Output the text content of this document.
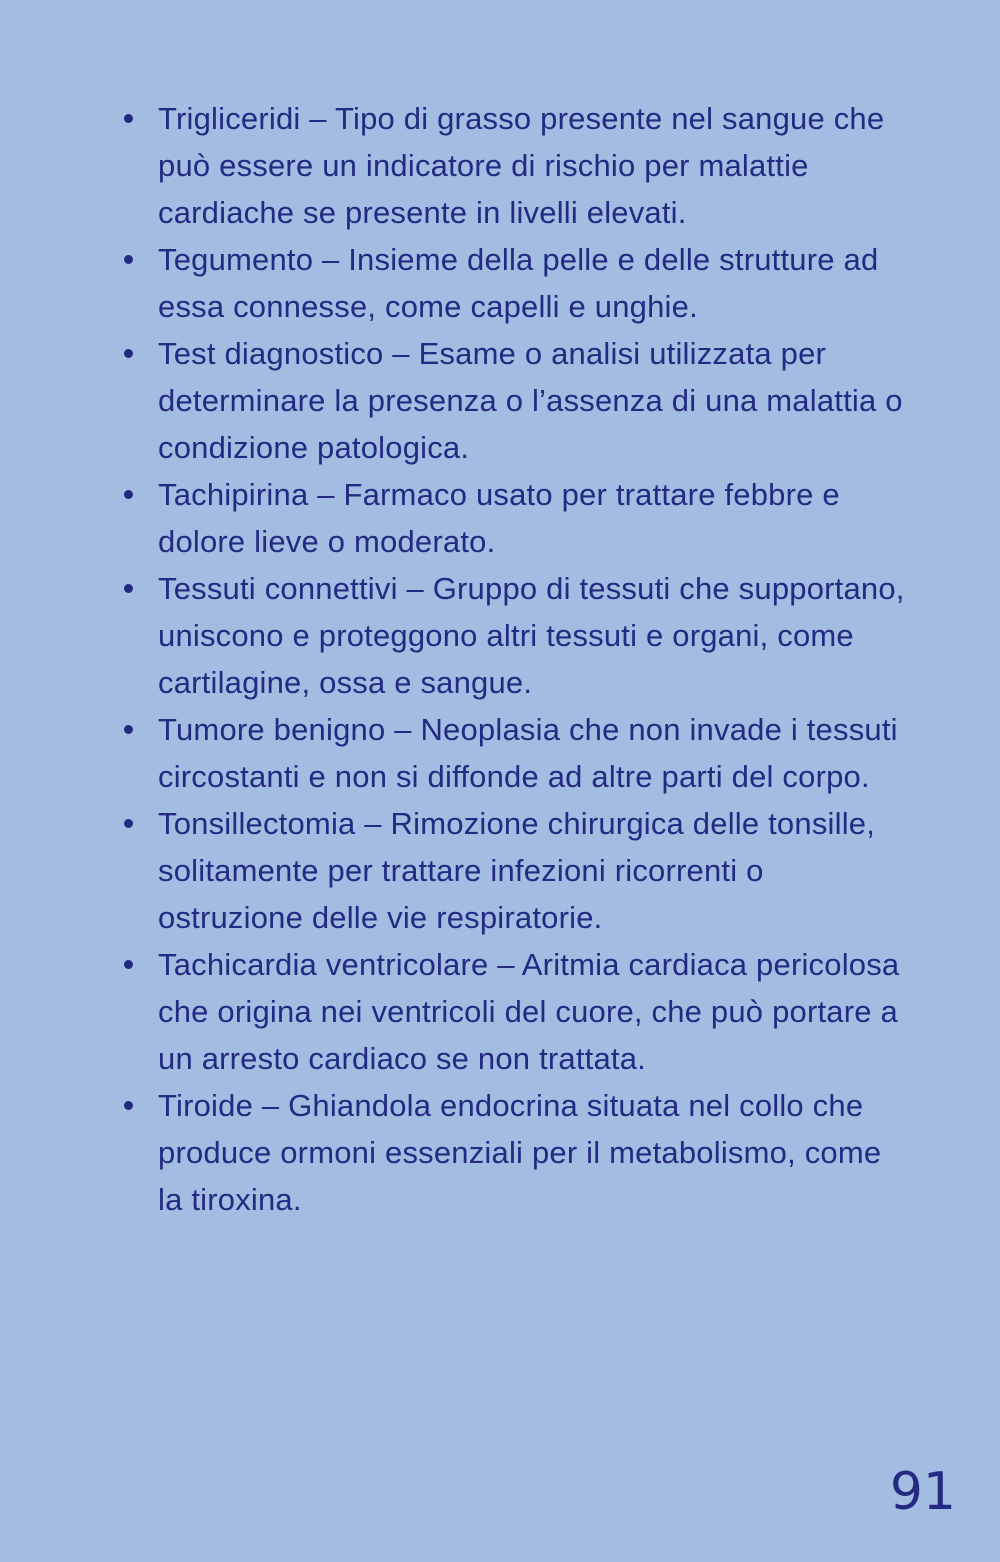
Trigliceridi – Tipo di grasso presente nel sangue che può essere un indicatore di rischio per malattie cardiache se presente in livelli elevati.
Tegumento – Insieme della pelle e delle strutture ad essa connesse, come capelli e unghie.
Test diagnostico – Esame o analisi utilizzata per determinare la presenza o l’assenza di una malattia o condizione patologica.
Tachipirina – Farmaco usato per trattare febbre e dolore lieve o moderato.
Tessuti connettivi – Gruppo di tessuti che supportano, uniscono e proteggono altri tessuti e organi, come cartilagine, ossa e sangue.
Tumore benigno – Neoplasia che non invade i tessuti circostanti e non si diffonde ad altre parti del corpo.
Tonsillectomia – Rimozione chirurgica delle tonsille, solitamente per trattare infezioni ricorrenti o ostruzione delle vie respiratorie.
Tachicardia ventricolare – Aritmia cardiaca pericolosa che origina nei ventricoli del cuore, che può portare a un arresto cardiaco se non trattata.
Tiroide – Ghiandola endocrina situata nel collo che produce ormoni essenziali per il metabolismo, come la tiroxina.
91
